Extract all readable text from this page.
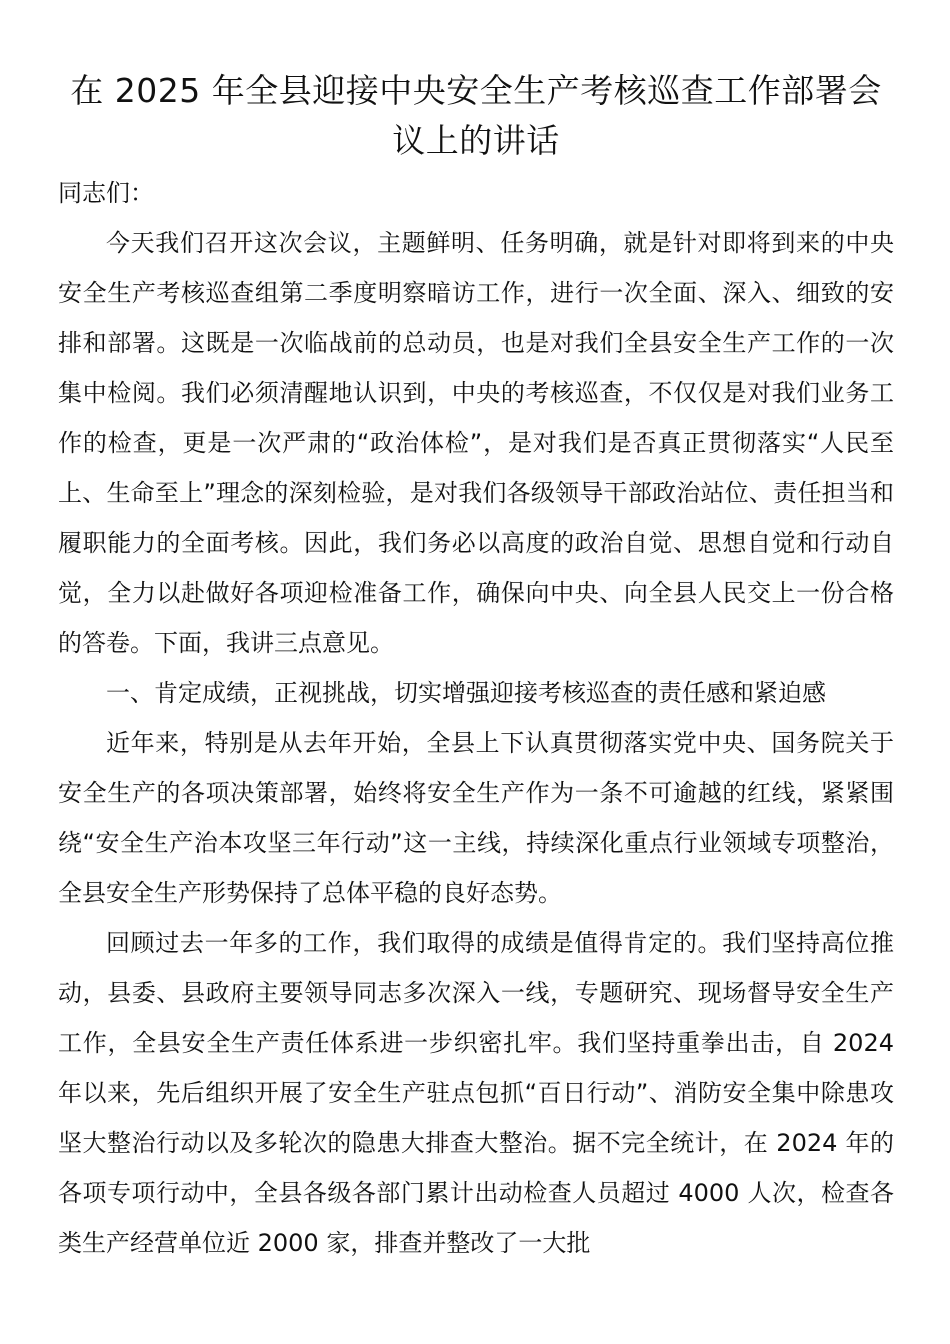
在 2025 年全县迎接中央安全生产考核巡查工作部署会议上的讲话

同志们：

今天我们召开这次会议，主题鲜明、任务明确，就是针对即将到来的中央安全生产考核巡查组第二季度明察暗访工作，进行一次全面、深入、细致的安排和部署。这既是一次临战前的总动员，也是对我们全县安全生产工作的一次集中检阅。我们必须清醒地认识到，中央的考核巡查，不仅仅是对我们业务工作的检查，更是一次严肃的“政治体检”，是对我们是否真正贯彻落实“人民至上、生命至上”理念的深刻检验，是对我们各级领导干部政治站位、责任担当和履职能力的全面考核。因此，我们务必以高度的政治自觉、思想自觉和行动自觉，全力以赴做好各项迎检准备工作，确保向中央、向全县人民交上一份合格的答卷。下面，我讲三点意见。

一、肯定成绩，正视挑战，切实增强迎接考核巡查的责任感和紧迫感

近年来，特别是从去年开始，全县上下认真贯彻落实党中央、国务院关于安全生产的各项决策部署，始终将安全生产作为一条不可逾越的红线，紧紧围绕“安全生产治本攻坚三年行动”这一主线，持续深化重点行业领域专项整治，全县安全生产形势保持了总体平稳的良好态势。

回顾过去一年多的工作，我们取得的成绩是值得肯定的。我们坚持高位推动，县委、县政府主要领导同志多次深入一线，专题研究、现场督导安全生产工作，全县安全生产责任体系进一步织密扎牢。我们坚持重拳出击，自 2024 年以来，先后组织开展了安全生产驻点包抓“百日行动”、消防安全集中除患攻坚大整治行动以及多轮次的隐患大排查大整治。据不完全统计，在 2024 年的各项专项行动中，全县各级各部门累计出动检查人员超过 4000 人次，检查各类生产经营单位近 2000 家，排查并整改了一大批
